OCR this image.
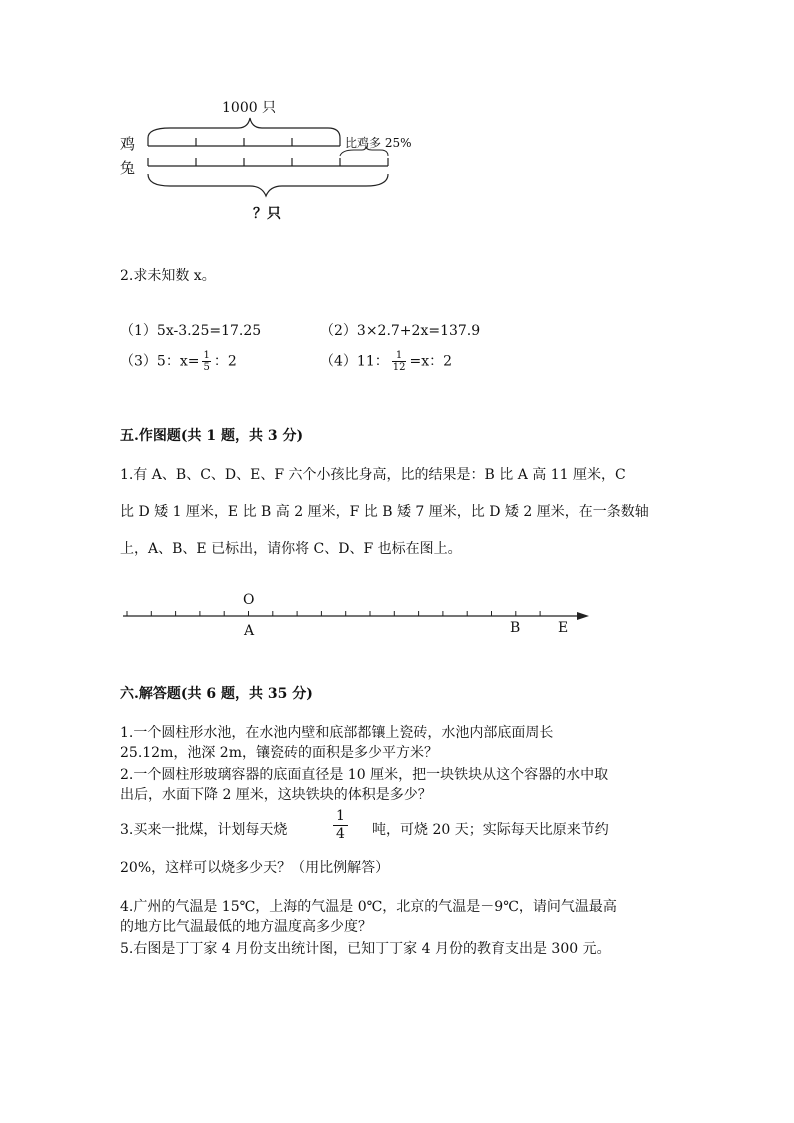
1000 只
鸡
兔
比鸡多 25%
？只
2.求未知数 x。
（1）5x-3.25=17.25	（2）3×2.7+2x=137.9
（3）5：$x= \frac{1}{5}$ ：2	（4）11： $\frac{1}{12} =x$：2
五.作图题(共 1 题，共 3 分)
1.有 A、B、C、D、E、F 六个小孩比身高，比的结果是：B 比 A 高 11 厘米，C
比 D 矮 1 厘米，E 比 B 高 2 厘米，F 比 B 矮 7 厘米，比 D 矮 2 厘米，在一条数轴
上，A、B、E 已标出，请你将 C、D、F 也标在图上。
O
A	B	E
六.解答题(共 6 题，共 35 分)
1.一个圆柱形水池，在水池内壁和底部都镶上瓷砖，水池内部底面周长
25.12m，池深 2m，镶瓷砖的面积是多少平方米？
2.一个圆柱形玻璃容器的底面直径是 10 厘米，把一块铁块从这个容器的水中取
出后，水面下降 2 厘米，这块铁块的体积是多少？
3.买来一批煤，计划每天烧	$\frac{1}{4}$ 吨，可烧 20 天；实际每天比原来节约
20%，这样可以烧多少天？（用比例解答）
4.广州的气温是 15℃，上海的气温是 0℃，北京的气温是－9℃，请问气温最高
的地方比气温最低的地方温度高多少度？
5.右图是丁丁家 4 月份支出统计图，已知丁丁家 4 月份的教育支出是 300 元。
